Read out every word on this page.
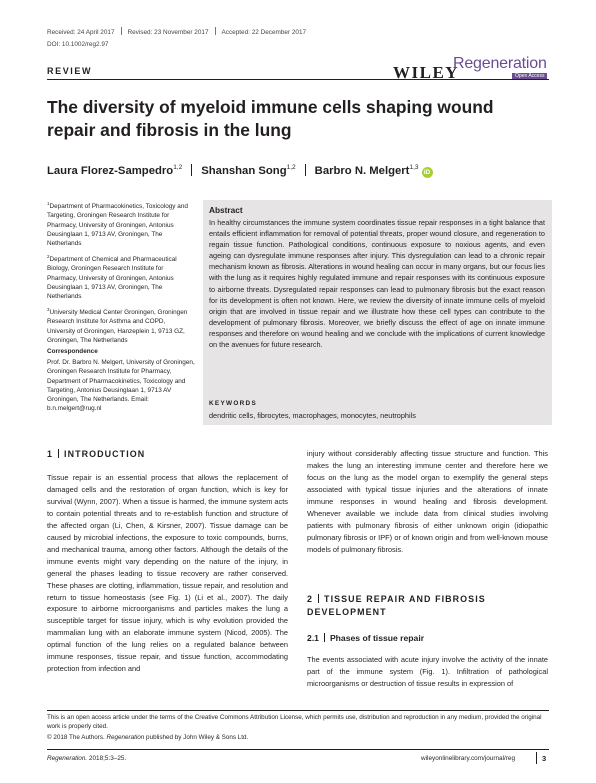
Received: 24 April 2017 Revised: 23 November 2017 Accepted: 22 December 2017
DOI: 10.1002/reg2.97
REVIEW	WILEY
Regeneration
Open Access
The diversity of myeloid immune cells shaping wound repair and fibrosis in the lung
Laura Florez-Sampedro$^{1,2}$ Shanshan Song$^{1,2}$ Barbro N. Melgert$^{1,3}$iD
$^1$Department of Pharmacokinetics, Toxicology and Targeting, Groningen Research Institute for Pharmacy, University of Groningen, Antonius Deusinglaan 1, 9713 AV, Groningen, The Netherlands
$^2$Department of Chemical and Pharmaceutical Biology, Groningen Research Institute for Pharmacy, University of Groningen, Antonius Deusinglaan 1, 9713 AV, Groningen, The Netherlands
$^3$University Medical Center Groningen, Groningen Research Institute for Asthma and COPD, University of Groningen, Hanzeplein 1, 9713 GZ, Groningen, The Netherlands
Correspondence
Prof. Dr. Barbro N. Melgert, University of Groningen, Groningen Research Institute for Pharmacy, Department of Pharmacokinetics, Toxicology and Targeting, Antonius Deusinglaan 1, 9713 AV Groningen, The Netherlands. Email: b.n.melgert@rug.nl
Abstract
In healthy circumstances the immune system coordinates tissue repair responses in a tight balance that entails efficient inflammation for removal of potential threats, proper wound closure, and regeneration to regain tissue function. Pathological conditions, continuous exposure to noxious agents, and even ageing can dysregulate immune responses after injury. This dysregulation can lead to a chronic repair mechanism known as fibrosis. Alterations in wound healing can occur in many organs, but our focus lies with the lung as it requires highly regulated immune and repair responses with its continuous exposure to airborne threats. Dysregulated repair responses can lead to pulmonary fibrosis but the exact reason for its development is often not known. Here, we review the diversity of innate immune cells of myeloid origin that are involved in tissue repair and we illustrate how these cell types can contribute to the development of pulmonary fibrosis. Moreover, we briefly discuss the effect of age on innate immune responses and therefore on wound healing and we conclude with the implications of current knowledge on the avenues for future research.
KEYWORDS
dendritic cells, fibrocytes, macrophages, monocytes, neutrophils
1 INTRODUCTION
Tissue repair is an essential process that allows the replacement of damaged cells and the restoration of organ function, which is key for survival (Wynn, 2007). When a tissue is harmed, the immune system acts to contain potential threats and to re-establish function and structure of the affected organ (Li, Chen, & Kirsner, 2007). Tissue damage can be caused by microbial infections, the exposure to toxic compounds, burns, and mechanical trauma, among other factors. Although the details of the immune events might vary depending on the nature of the injury, in general the phases leading to tissue recovery are rather conserved. These phases are clotting, inflammation, tissue repair, and resolution and return to tissue homeostasis (see Fig. 1) (Li et al., 2007). The daily exposure to airborne microorganisms and particles makes the lung a susceptible target for tissue injury, which is why evolution provided the mammalian lung with an elaborate immune system (Nicod, 2005). The optimal function of the lung relies on a regulated balance between immune responses, tissue repair, and tissue function, accommodating protection from infection and
injury without considerably affecting tissue structure and function. This makes the lung an interesting immune center and therefore here we focus on the lung as the model organ to exemplify the general steps associated with typical tissue injuries and the alterations of innate immune responses in wound healing and fibrosis development. Whenever available we include data from clinical studies involving patients with pulmonary fibrosis of either unknown origin (idiopathic pulmonary fibrosis or IPF) or of known origin and from well-known mouse models of pulmonary fibrosis.
2 TISSUE REPAIR AND FIBROSIS DEVELOPMENT
2.1 Phases of tissue repair
The events associated with acute injury involve the activity of the innate part of the immune system (Fig. 1). Infiltration of pathological microorganisms or destruction of tissue results in expression of
This is an open access article under the terms of the Creative Commons Attribution License, which permits use, distribution and reproduction in any medium, provided the original work is properly cited.
© 2018 The Authors. Regeneration published by John Wiley & Sons Ltd.
Regeneration. 2018;5:3–25.	wileyonlinelibrary.com/journal/reg	3
